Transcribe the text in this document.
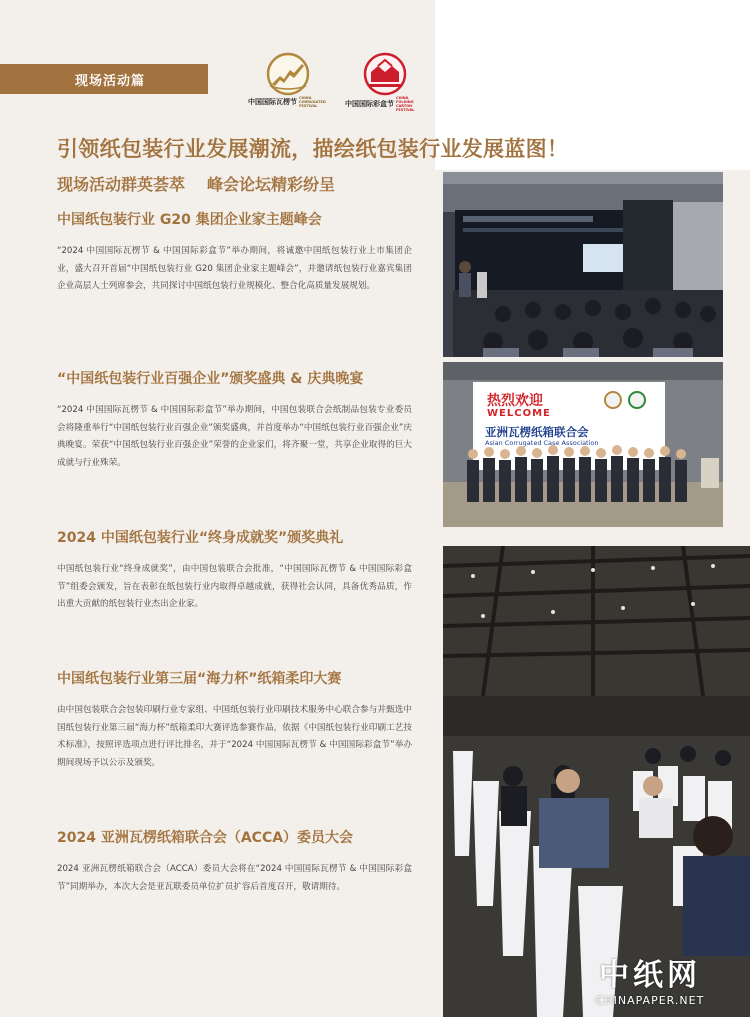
现场活动篇
中国国际瓦楞节 CHINA
CORRUGATED
FESTIVAL	中国国际彩盒节
CHINA
FOLDING CARTON
FESTIVAL
引领纸包装行业发展潮流，描绘纸包装行业发展蓝图！
现场活动群英荟萃 峰会论坛精彩纷呈
中国纸包装行业 G20 集团企业家主题峰会
“2024 中国国际瓦楞节 & 中国国际彩盒节”举办期间，将诚邀中国纸包装行业上市集团企业，盛大召开首届“中国纸包装行业 G20 集团企业家主题峰会”，并邀请纸包装行业嘉宾集团企业高层人士列席参会，共同探讨中国纸包装行业规模化、整合化高质量发展规划。
“中国纸包装行业百强企业”颁奖盛典 & 庆典晚宴
“2024 中国国际瓦楞节 & 中国国际彩盒节”举办期间，中国包装联合会纸制品包装专业委员会将隆重举行“中国纸包装行业百强企业”颁奖盛典，并首度举办“中国纸包装行业百强企业”庆典晚宴。荣获“中国纸包装行业百强企业”荣誉的企业家们，将齐聚一堂，共享企业取得的巨大成就与行业殊荣。
2024 中国纸包装行业“终身成就奖”颁奖典礼
中国纸包装行业“终身成就奖”，由中国包装联合会批准，“中国国际瓦楞节 & 中国国际彩盒节”组委会颁发，旨在表彰在纸包装行业内取得卓越成就，获得社会认同，具备优秀品质，作出重大贡献的纸包装行业杰出企业家。
中国纸包装行业第三届“海力杯”纸箱柔印大赛
由中国包装联合会包装印刷行业专家组、中国纸包装行业印刷技术服务中心联合参与并甄选中国纸包装行业第三届“海力杯”纸箱柔印大赛评选参赛作品，依据《中国纸包装行业印刷工艺技术标准》，按照评选项点进行评比排名，并于“2024 中国国际瓦楞节 & 中国国际彩盒节”举办期间现场予以公示及颁奖。
2024 亚洲瓦楞纸箱联合会（ACCA）委员大会
2024 亚洲瓦楞纸箱联合会（ACCA）委员大会将在“2024 中国国际瓦楞节 & 中国国际彩盒节”同期举办，本次大会是亚瓦联委员单位扩员扩容后首度召开，敬请期待。
热烈欢迎
WELCOME
亚洲瓦楞纸箱联合会
Asian Corrugated Case Association
中纸网
CHINAPAPER.NET
